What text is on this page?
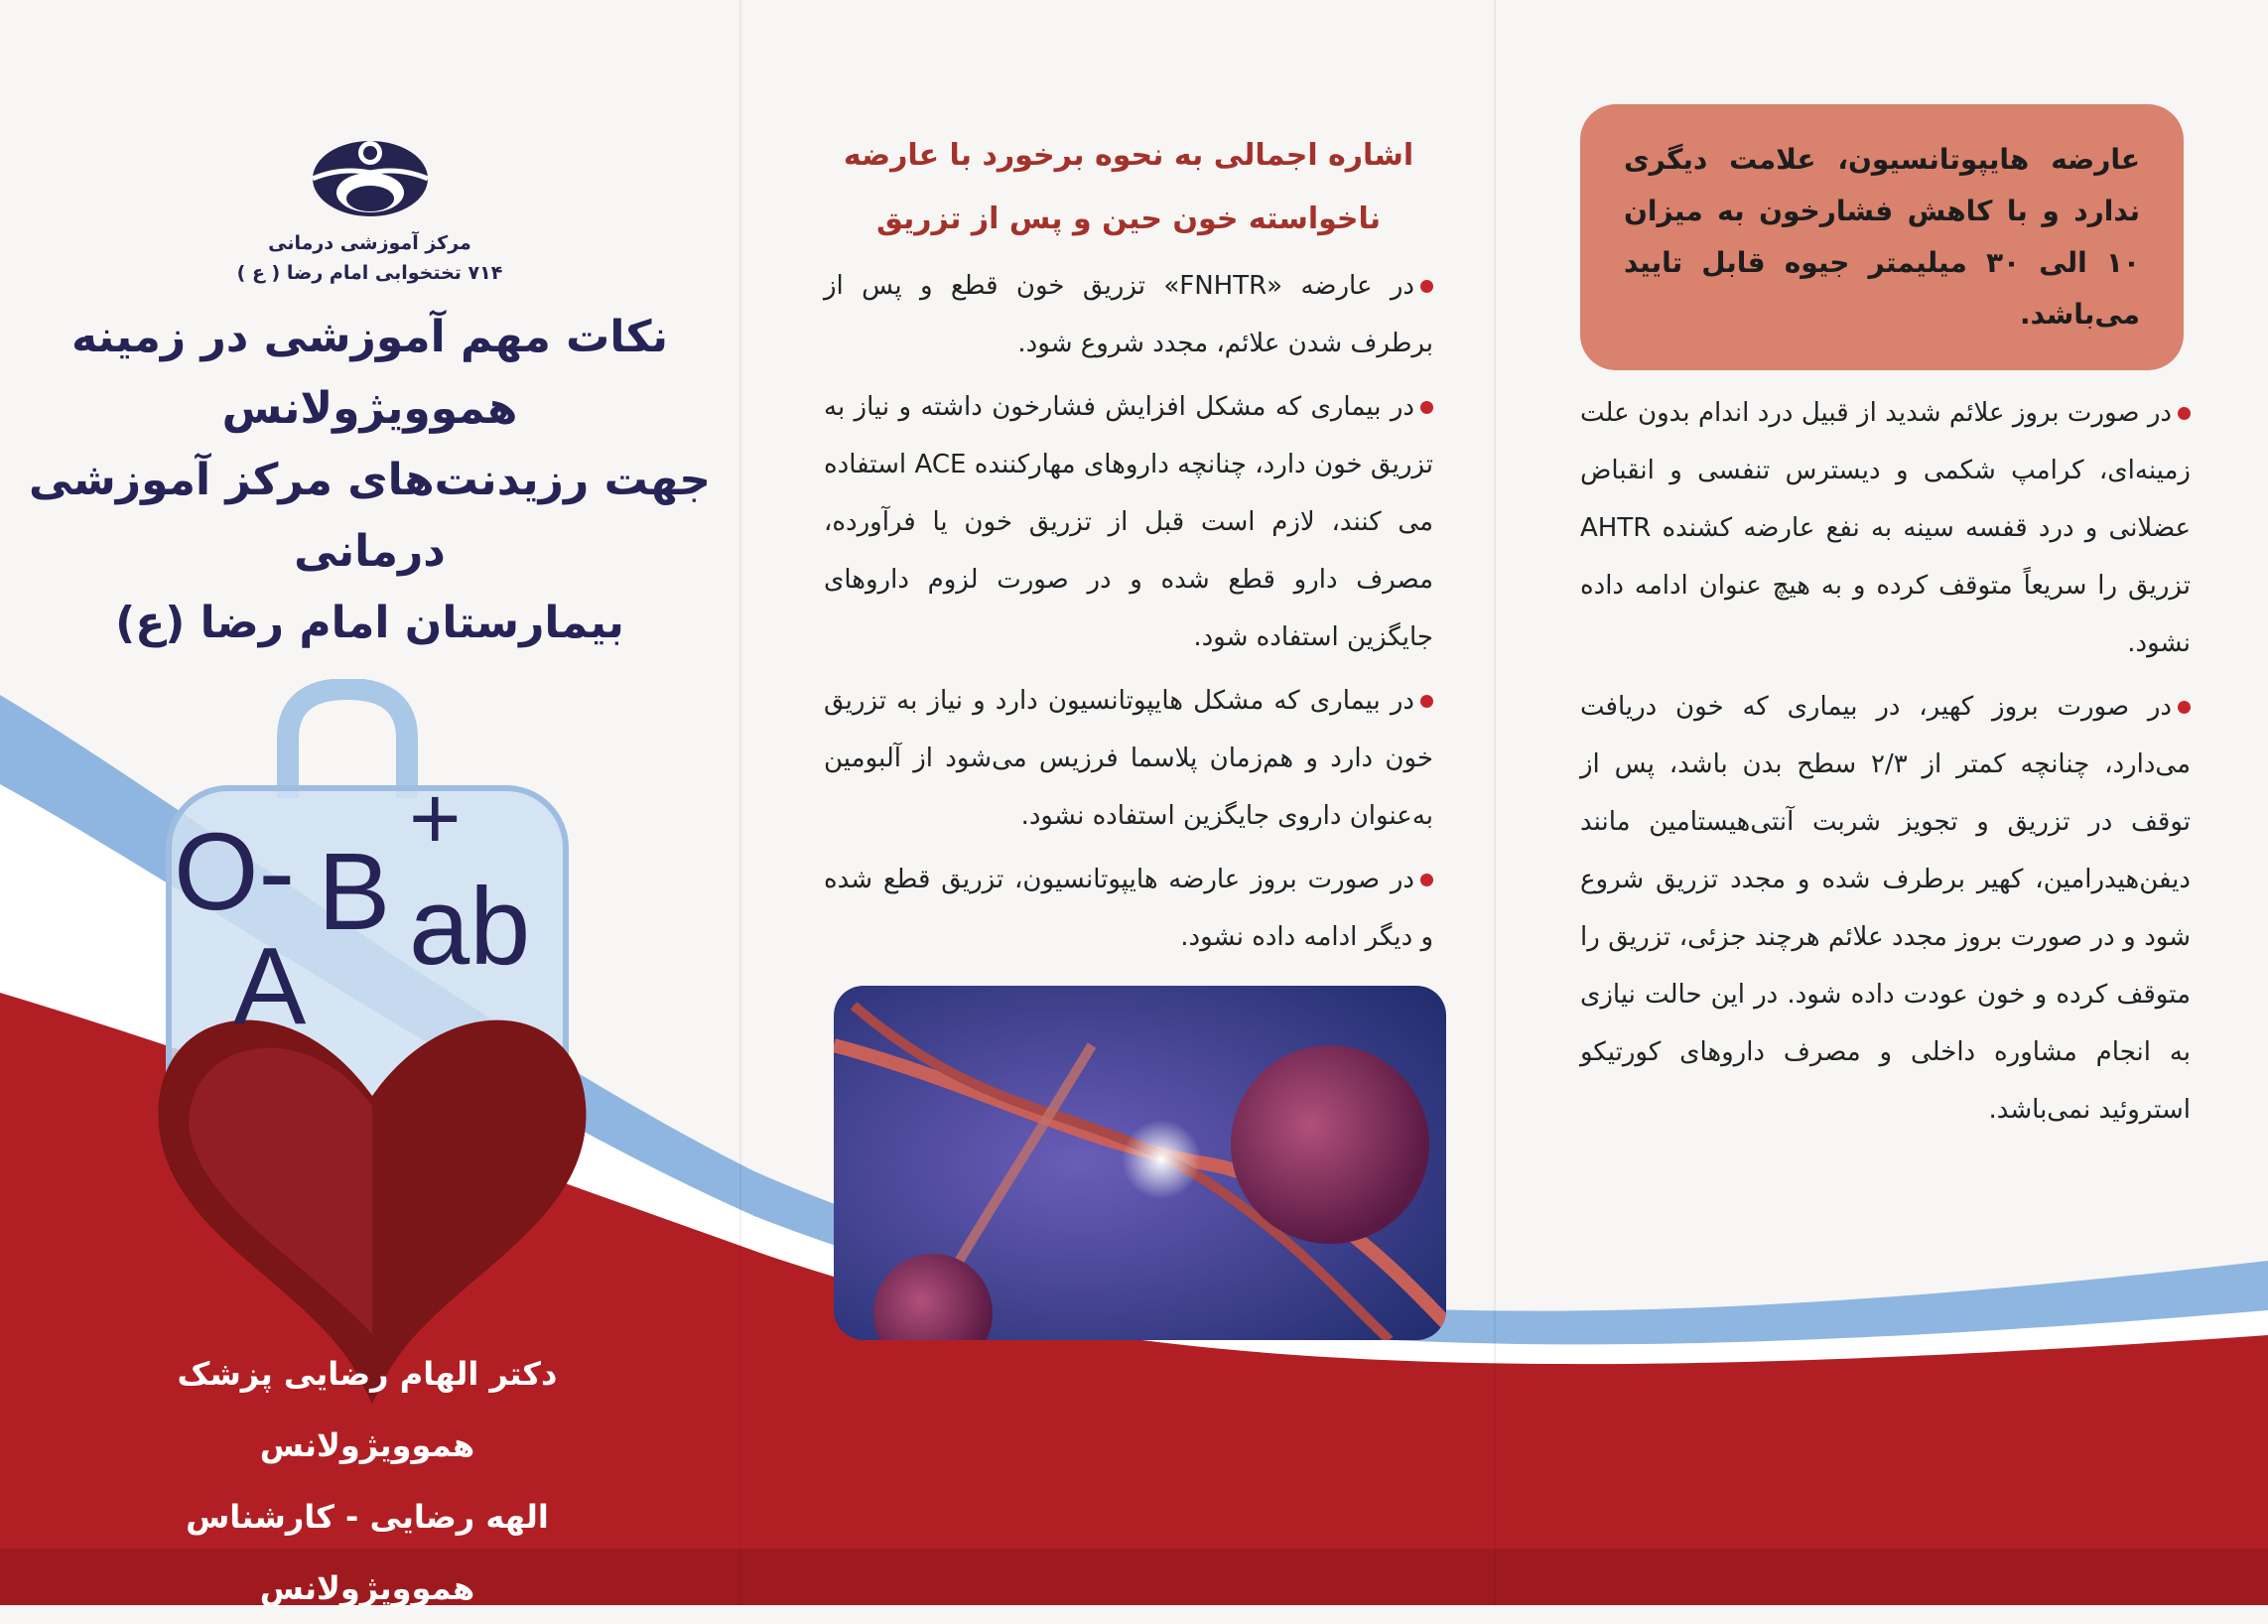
مرکز آموزشی درمانی
۷۱۴ تختخوابی امام رضا ( ع )
نکات مهم آموزشی در زمینه هموویژولانس
جهت رزیدنت‌های مرکز آموزشی درمانی
بیمارستان امام رضا (ع)
O-
A
B
+
ab
دکتر الهام رضایی پزشک هموویژولانس
الهه رضایی - کارشناس هموویژولانس
اشاره اجمالی به نحوه برخورد با عارضه
ناخواسته خون حین و پس از تزریق

در عارضه «FNHTR» تزریق خون قطع و پس از برطرف شدن علائم، مجدد شروع شود.

در بیماری که مشکل افزایش فشارخون داشته و نیاز به تزریق خون دارد، چنانچه داروهای مهارکننده ACE استفاده می کنند، لازم است قبل از تزریق خون یا فرآورده، مصرف دارو قطع شده و در صورت لزوم داروهای جایگزین استفاده شود.

در بیماری که مشکل هایپوتانسیون دارد و نیاز به تزریق خون دارد و هم‌زمان پلاسما فرزیس می‌شود از آلبومین به‌عنوان داروی جایگزین استفاده نشود.

در صورت بروز عارضه هایپوتانسیون، تزریق قطع شده و دیگر ادامه داده نشود.

عارضه هایپوتانسیون، علامت دیگری ندارد و با کاهش فشارخون به میزان ۱۰ الی ۳۰ میلیمتر جیوه قابل تایید می‌باشد.

در صورت بروز علائم شدید از قبیل درد اندام بدون علت زمینه‌ای، کرامپ شکمی و دیسترس تنفسی و انقباض عضلانی و درد قفسه سینه به نفع عارضه کشنده AHTR تزریق را سریعاً متوقف کرده و به هیچ عنوان ادامه داده نشود.

در صورت بروز کهیر، در بیماری که خون دریافت می‌دارد، چنانچه کمتر از ۲/۳ سطح بدن باشد، پس از توقف در تزریق و تجویز شربت آنتی‌هیستامین مانند دیفن‌هیدرامین، کهیر برطرف شده و مجدد تزریق شروع شود و در صورت بروز مجدد علائم هرچند جزئی، تزریق را متوقف کرده و خون عودت داده شود. در این حالت نیازی به انجام مشاوره داخلی و مصرف داروهای کورتیکو استروئید نمی‌باشد.
